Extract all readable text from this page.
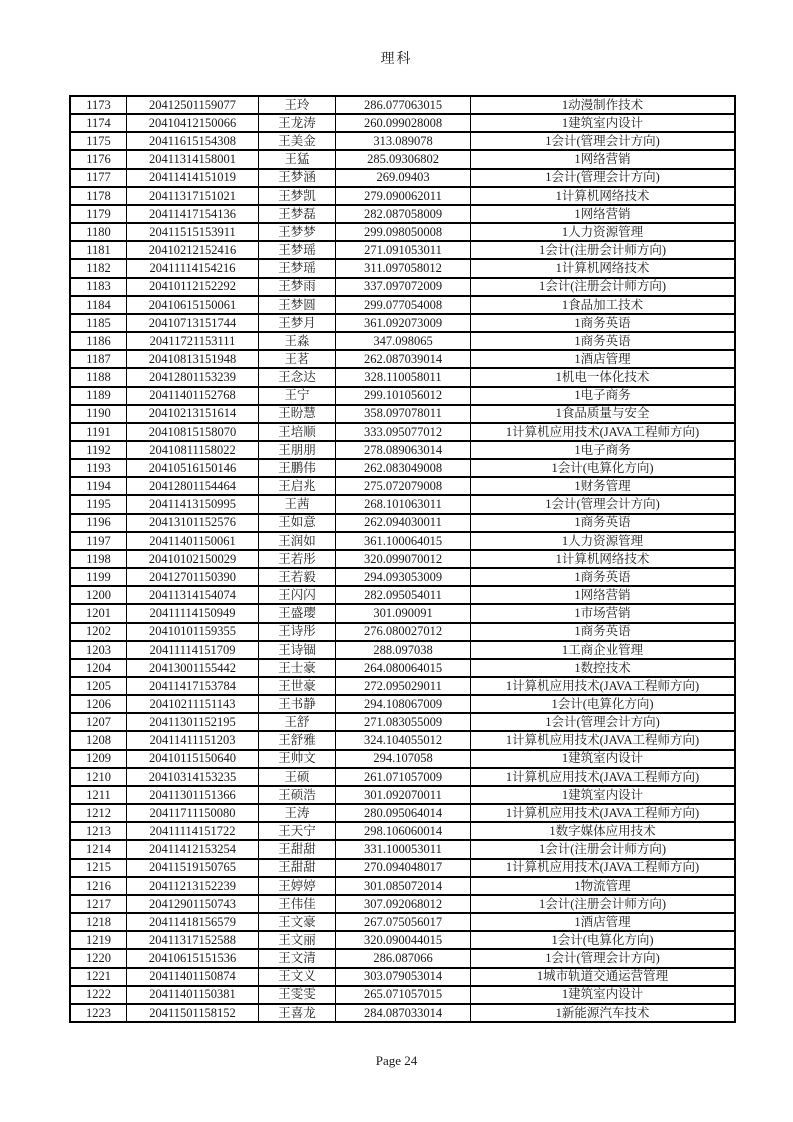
理科
1173	20412501159077	王玲	286.077063015	1动漫制作技术
1174	20410412150066	王龙涛	260.099028008	1建筑室内设计
1175	20411615154308	王美金	313.089078	1会计(管理会计方向)
1176	20411314158001	王猛	285.09306802	1网络营销
1177	20411414151019	王梦涵	269.09403	1会计(管理会计方向)
1178	20411317151021	王梦凯	279.090062011	1计算机网络技术
1179	20411417154136	王梦磊	282.087058009	1网络营销
1180	20411515153911	王梦梦	299.098050008	1人力资源管理
1181	20410212152416	王梦瑶	271.091053011	1会计(注册会计师方向)
1182	20411114154216	王梦瑶	311.097058012	1计算机网络技术
1183	20410112152292	王梦雨	337.097072009	1会计(注册会计师方向)
1184	20410615150061	王梦圆	299.077054008	1食品加工技术
1185	20410713151744	王梦月	361.092073009	1商务英语
1186	20411721153111	王淼	347.098065	1商务英语
1187	20410813151948	王茗	262.087039014	1酒店管理
1188	20412801153239	王念达	328.110058011	1机电一体化技术
1189	20411401152768	王宁	299.101056012	1电子商务
1190	20410213151614	王盼慧	358.097078011	1食品质量与安全
1191	20410815158070	王培顺	333.095077012	1计算机应用技术(JAVA工程师方向)
1192	20410811158022	王朋朋	278.089063014	1电子商务
1193	20410516150146	王鹏伟	262.083049008	1会计(电算化方向)
1194	20412801154464	王启兆	275.072079008	1财务管理
1195	20411413150995	王茜	268.101063011	1会计(管理会计方向)
1196	20413101152576	王如意	262.094030011	1商务英语
1197	20411401150061	王润如	361.100064015	1人力资源管理
1198	20410102150029	王若彤	320.099070012	1计算机网络技术
1199	20412701150390	王若毅	294.093053009	1商务英语
1200	20411314154074	王闪闪	282.095054011	1网络营销
1201	20411114150949	王盛璎	301.090091	1市场营销
1202	20410101159355	王诗彤	276.080027012	1商务英语
1203	20411114151709	王诗锢	288.097038	1工商企业管理
1204	20413001155442	王士豪	264.080064015	1数控技术
1205	20411417153784	王世豪	272.095029011	1计算机应用技术(JAVA工程师方向)
1206	20410211151143	王书静	294.108067009	1会计(电算化方向)
1207	20411301152195	王舒	271.083055009	1会计(管理会计方向)
1208	20411411151203	王舒雅	324.104055012	1计算机应用技术(JAVA工程师方向)
1209	20410115150640	王帅文	294.107058	1建筑室内设计
1210	20410314153235	王硕	261.071057009	1计算机应用技术(JAVA工程师方向)
1211	20411301151366	王硕浩	301.092070011	1建筑室内设计
1212	20411711150080	王涛	280.095064014	1计算机应用技术(JAVA工程师方向)
1213	20411114151722	王天宁	298.106060014	1数字媒体应用技术
1214	20411412153254	王甜甜	331.100053011	1会计(注册会计师方向)
1215	20411519150765	王甜甜	270.094048017	1计算机应用技术(JAVA工程师方向)
1216	20411213152239	王婷婷	301.085072014	1物流管理
1217	20412901150743	王伟佳	307.092068012	1会计(注册会计师方向)
1218	20411418156579	王文豪	267.075056017	1酒店管理
1219	20411317152588	王文丽	320.090044015	1会计(电算化方向)
1220	20410615151536	王文清	286.087066	1会计(管理会计方向)
1221	20411401150874	王文义	303.079053014	1城市轨道交通运营管理
1222	20411401150381	王雯雯	265.071057015	1建筑室内设计
1223	20411501158152	王喜龙	284.087033014	1新能源汽车技术
Page 24
